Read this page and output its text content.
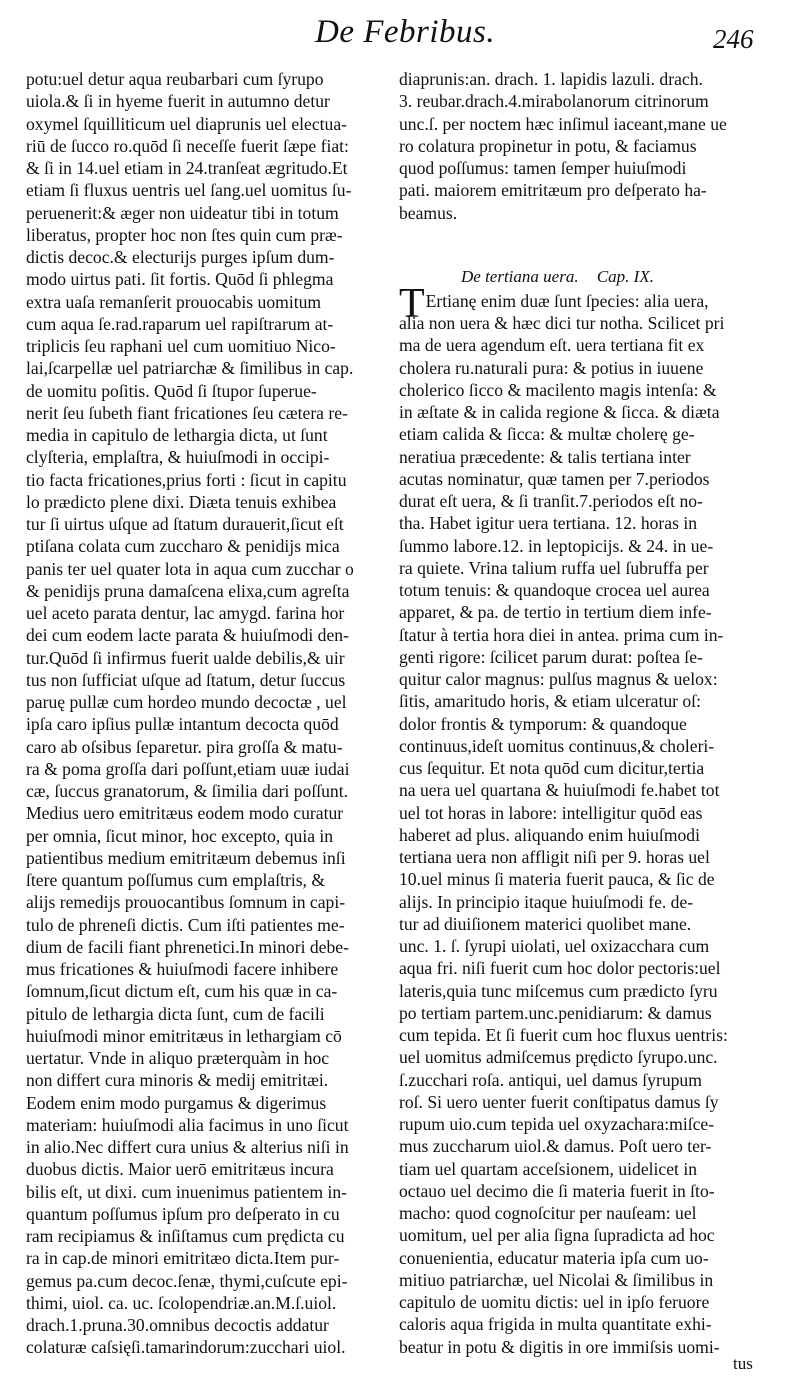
De Febribus.	246
potu:uel detur aqua reubarbari cum ſyrupo
uiola.& ſi in hyeme fuerit in autumno detur
oxymel ſquilliticum uel diaprunis uel electua-
riū de ſucco ro.quōd ſi neceſſe fuerit ſæpe fiat:
& ſi in 14.uel etiam in 24.tranſeat ægritudo.Et
etiam ſi fluxus uentris uel ſang.uel uomitus ſu-
peruenerit:& æger non uideatur tibi in totum
liberatus, propter hoc non ſtes quin cum præ-
dictis decoc.& electurijs purges ipſum dum-
modo uirtus pati. ſit fortis. Quōd ſi phlegma
extra uaſa remanſerit prouocabis uomitum
cum aqua ſe.rad.raparum uel rapiſtrarum at-
triplicis ſeu raphani uel cum uomitiuo Nico-
lai,ſcarpellæ uel patriarchæ & ſimilibus in cap.
de uomitu poſitis. Quōd ſi ſtupor ſuperue-
nerit ſeu ſubeth fiant fricationes ſeu cætera re-
media in capitulo de lethargia dicta, ut ſunt
clyſteria, emplaſtra, & huiuſmodi in occipi-
tio facta fricationes,prius forti : ſicut in capitu
lo prædicto plene dixi. Diæta tenuis exhibea
tur ſi uirtus uſque ad ſtatum durauerit,ſicut eſt
ptiſana colata cum zuccharo & penidijs mica
panis ter uel quater lota in aqua cum zucchar o
& penidijs pruna damaſcena elixa,cum agreſta
uel aceto parata dentur, lac amygd. farina hor
dei cum eodem lacte parata & huiuſmodi den-
tur.Quōd ſi infirmus fuerit ualde debilis,& uir
tus non ſufficiat uſque ad ſtatum, detur ſuccus
paruę pullæ cum hordeo mundo decoctæ , uel
ipſa caro ipſius pullæ intantum decocta quōd
caro ab oſsibus ſeparetur. pira groſſa & matu-
ra & poma groſſa dari poſſunt,etiam uuæ iudai
cæ, ſuccus granatorum, & ſimilia dari poſſunt.
Medius uero emitritæus eodem modo curatur
per omnia, ſicut minor, hoc excepto, quia in
patientibus medium emitritæum debemus inſi
ſtere quantum poſſumus cum emplaſtris, &
alijs remedijs prouocantibus ſomnum in capi-
tulo de phreneſi dictis. Cum iſti patientes me-
dium de facili fiant phrenetici.In minori debe-
mus fricationes & huiuſmodi facere inhibere
ſomnum,ſicut dictum eſt, cum his quæ in ca-
pitulo de lethargia dicta ſunt, cum de facili
huiuſmodi minor emitritæus in lethargiam cō
uertatur. Vnde in aliquo præterquàm in hoc
non differt cura minoris & medij emitritæi.
Eodem enim modo purgamus & digerimus
materiam: huiuſmodi alia facimus in uno ſicut
in alio.Nec differt cura unius & alterius niſi in
duobus dictis. Maior uerō emitritæus incura
bilis eſt, ut dixi. cum inuenimus patientem in-
quantum poſſumus ipſum pro deſperato in cu
ram recipiamus & inſiſtamus cum prędicta cu
ra in cap.de minori emitritæo dicta.Item pur-
gemus pa.cum decoc.ſenæ, thymi,cuſcute epi-
thimi, uiol. ca. uc. ſcolopendriæ.an.M.ſ.uiol.
drach.1.pruna.30.omnibus decoctis addatur
colaturæ caſsięſi.tamarindorum:zucchari uiol.
diaprunis:an. drach. 1. lapidis lazuli. drach.
3. reubar.drach.4.mirabolanorum citrinorum
unc.ſ. per noctem hæc inſimul iaceant,mane ue
ro colatura propinetur in potu, & faciamus
quod poſſumus: tamen ſemper huiuſmodi
pati. maiorem emitritæum pro deſperato ha-
beamus.
De tertiana uera. Cap. IX.
TErtianę enim duæ ſunt ſpecies: alia uera,
alia non uera & hæc dici tur notha. Scilicet pri
ma de uera agendum eſt. uera tertiana fit ex
cholera ru.naturali pura: & potius in iuuene
cholerico ſicco & macilento magis intenſa: &
in æſtate & in calida regione & ſicca. & diæta
etiam calida & ſicca: & multæ cholerę ge-
neratiua præcedente: & talis tertiana inter
acutas nominatur, quæ tamen per 7.periodos
durat eſt uera, & ſi tranſit.7.periodos eſt no-
tha. Habet igitur uera tertiana. 12. horas in
ſummo labore.12. in leptopicijs. & 24. in ue-
ra quiete. Vrina talium ruffa uel ſubruffa per
totum tenuis: & quandoque crocea uel aurea
apparet, & pa. de tertio in tertium diem infe-
ſtatur à tertia hora diei in antea. prima cum in-
genti rigore: ſcilicet parum durat: poſtea ſe-
quitur calor magnus: pulſus magnus & uelox:
ſitis, amaritudo horis, & etiam ulceratur oſ:
dolor frontis & tymporum: & quandoque
continuus,ideſt uomitus continuus,& choleri-
cus ſequitur. Et nota quōd cum dicitur,tertia
na uera uel quartana & huiuſmodi fe.habet tot
uel tot horas in labore: intelligitur quōd eas
haberet ad plus. aliquando enim huiuſmodi
tertiana uera non affligit niſi per 9. horas uel
10.uel minus ſi materia fuerit pauca, & ſic de
alijs. In principio itaque huiuſmodi fe. de-
tur ad diuiſionem materici quolibet mane.
unc. 1. ſ. ſyrupi uiolati, uel oxizacchara cum
aqua fri. niſi fuerit cum hoc dolor pectoris:uel
lateris,quia tunc miſcemus cum prædicto ſyru
po tertiam partem.unc.penidiarum: & damus
cum tepida. Et ſi fuerit cum hoc fluxus uentris:
uel uomitus admiſcemus prędicto ſyrupo.unc.
ſ.zucchari roſa. antiqui, uel damus ſyrupum
roſ. Si uero uenter fuerit conſtipatus damus ſy
rupum uio.cum tepida uel oxyzachara:miſce-
mus zuccharum uiol.& damus. Poſt uero ter-
tiam uel quartam acceſsionem, uidelicet in
octauo uel decimo die ſi materia fuerit in ſto-
macho: quod cognoſcitur per nauſeam: uel
uomitum, uel per alia ſigna ſupradicta ad hoc
conuenientia, educatur materia ipſa cum uo-
mitiuo patriarchæ, uel Nicolai & ſimilibus in
capitulo de uomitu dictis: uel in ipſo feruore
caloris aqua frigida in multa quantitate exhi-
beatur in potu & digitis in ore immiſsis uomi-
tus
